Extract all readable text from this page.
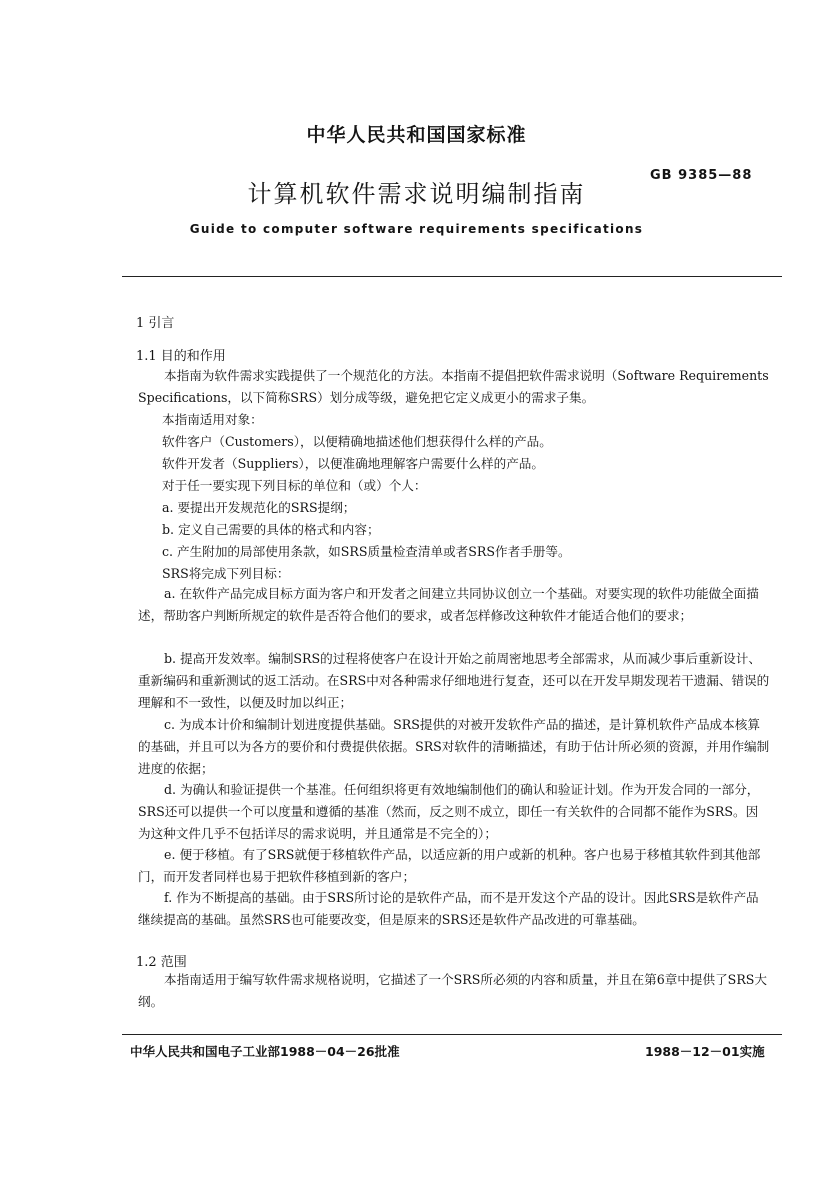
中华人民共和国国家标准
GB 9385—88
计算机软件需求说明编制指南
Guide to computer software requirements specifications
1 引言
1.1 目的和作用
本指南为软件需求实践提供了一个规范化的方法。本指南不提倡把软件需求说明（Software Requirements Specifications，以下简称SRS）划分成等级，避免把它定义成更小的需求子集。
本指南适用对象：
软件客户（Customers），以便精确地描述他们想获得什么样的产品。
软件开发者（Suppliers），以便准确地理解客户需要什么样的产品。
对于任一要实现下列目标的单位和（或）个人：
a. 要提出开发规范化的SRS提纲；
b. 定义自己需要的具体的格式和内容；
c. 产生附加的局部使用条款，如SRS质量检查清单或者SRS作者手册等。
SRS将完成下列目标：
a. 在软件产品完成目标方面为客户和开发者之间建立共同协议创立一个基础。对要实现的软件功能做全面描述，帮助客户判断所规定的软件是否符合他们的要求，或者怎样修改这种软件才能适合他们的要求；
b. 提高开发效率。编制SRS的过程将使客户在设计开始之前周密地思考全部需求，从而减少事后重新设计、重新编码和重新测试的返工活动。在SRS中对各种需求仔细地进行复查，还可以在开发早期发现若干遗漏、错误的理解和不一致性，以便及时加以纠正；
c. 为成本计价和编制计划进度提供基础。SRS提供的对被开发软件产品的描述，是计算机软件产品成本核算的基础，并且可以为各方的要价和付费提供依据。SRS对软件的清晰描述，有助于估计所必须的资源，并用作编制进度的依据；
d. 为确认和验证提供一个基准。任何组织将更有效地编制他们的确认和验证计划。作为开发合同的一部分，SRS还可以提供一个可以度量和遵循的基准（然而，反之则不成立，即任一有关软件的合同都不能作为SRS。因为这种文件几乎不包括详尽的需求说明，并且通常是不完全的）；
e. 便于移植。有了SRS就便于移植软件产品，以适应新的用户或新的机种。客户也易于移植其软件到其他部门，而开发者同样也易于把软件移植到新的客户；
f. 作为不断提高的基础。由于SRS所讨论的是软件产品，而不是开发这个产品的设计。因此SRS是软件产品继续提高的基础。虽然SRS也可能要改变，但是原来的SRS还是软件产品改进的可靠基础。
1.2 范围
本指南适用于编写软件需求规格说明，它描述了一个SRS所必须的内容和质量，并且在第6章中提供了SRS大纲。
中华人民共和国电子工业部1988－04－26批准	1988－12－01实施
